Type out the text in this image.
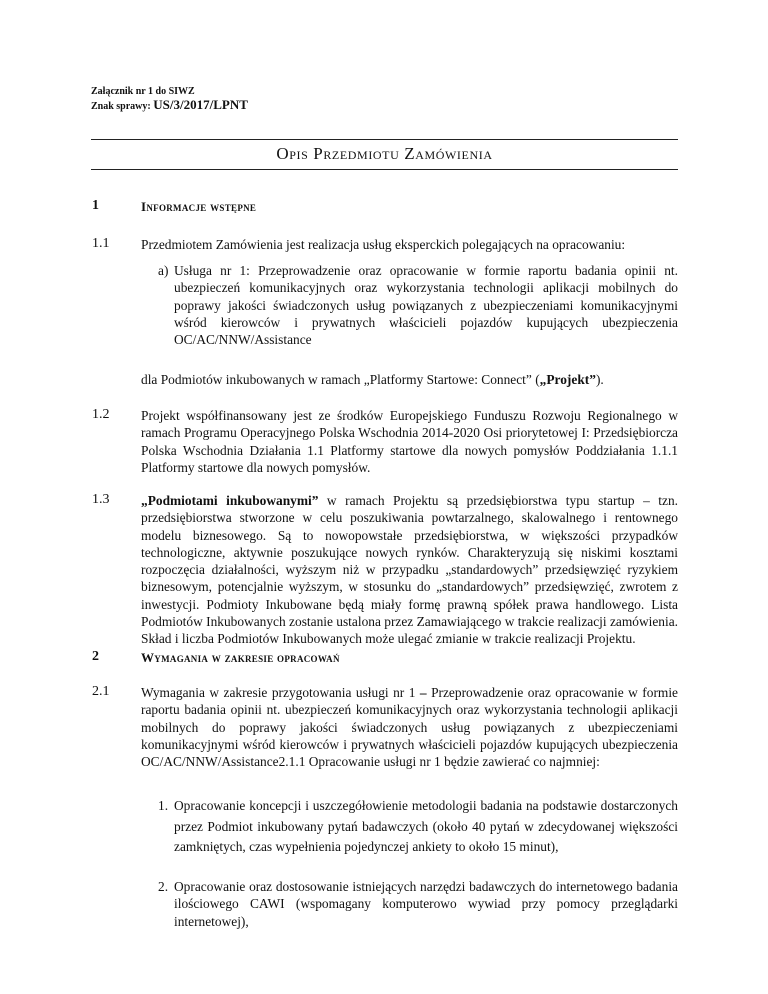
Załącznik nr 1 do SIWZ
Znak sprawy: US/3/2017/LPNT
Opis Przedmiotu Zamówienia
1	Informacje wstępne
1.1 Przedmiotem Zamówienia jest realizacja usług eksperckich polegających na opracowaniu:
a) Usługa nr 1: Przeprowadzenie oraz opracowanie w formie raportu badania opinii nt. ubezpieczeń komunikacyjnych oraz wykorzystania technologii aplikacji mobilnych do poprawy jakości świadczonych usług powiązanych z ubezpieczeniami komunikacyjnymi wśród kierowców i prywatnych właścicieli pojazdów kupujących ubezpieczenia OC/AC/NNW/Assistance
dla Podmiotów inkubowanych w ramach „Platformy Startowe: Connect” („Projekt”).
1.2 Projekt współfinansowany jest ze środków Europejskiego Funduszu Rozwoju Regionalnego w ramach Programu Operacyjnego Polska Wschodnia 2014-2020 Osi priorytetowej I: Przedsiębiorcza Polska Wschodnia Działania 1.1 Platformy startowe dla nowych pomysłów Poddziałania 1.1.1 Platformy startowe dla nowych pomysłów.
1.3 „Podmiotami inkubowanymi” w ramach Projektu są przedsiębiorstwa typu startup – tzn. przedsiębiorstwa stworzone w celu poszukiwania powtarzalnego, skalowalnego i rentownego modelu biznesowego. Są to nowopowstałe przedsiębiorstwa, w większości przypadków technologiczne, aktywnie poszukujące nowych rynków. Charakteryzują się niskimi kosztami rozpoczęcia działalności, wyższym niż w przypadku „standardowych” przedsięwzięć ryzykiem biznesowym, potencjalnie wyższym, w stosunku do „standardowych” przedsięwzięć, zwrotem z inwestycji. Podmioty Inkubowane będą miały formę prawną spółek prawa handlowego. Lista Podmiotów Inkubowanych zostanie ustalona przez Zamawiającego w trakcie realizacji zamówienia. Skład i liczba Podmiotów Inkubowanych może ulegać zmianie w trakcie realizacji Projektu.
2	Wymagania w zakresie opracowań
2.1 Wymagania w zakresie przygotowania usługi nr 1 – Przeprowadzenie oraz opracowanie w formie raportu badania opinii nt. ubezpieczeń komunikacyjnych oraz wykorzystania technologii aplikacji mobilnych do poprawy jakości świadczonych usług powiązanych z ubezpieczeniami komunikacyjnymi wśród kierowców i prywatnych właścicieli pojazdów kupujących ubezpieczenia OC/AC/NNW/Assistance2.1.1 Opracowanie usługi nr 1 będzie zawierać co najmniej:
1. Opracowanie koncepcji i uszczegółowienie metodologii badania na podstawie dostarczonych przez Podmiot inkubowany pytań badawczych (około 40 pytań w zdecydowanej większości zamkniętych, czas wypełnienia pojedynczej ankiety to około 15 minut),
2. Opracowanie oraz dostosowanie istniejących narzędzi badawczych do internetowego badania ilościowego CAWI (wspomagany komputerowo wywiad przy pomocy przeglądarki internetowej),
